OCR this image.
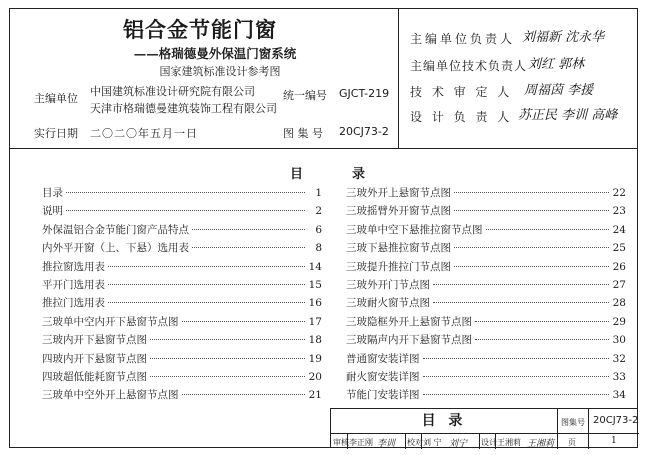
铝合金节能门窗
——格瑞德曼外保温门窗系统
国家建筑标准设计参考图
主编单位
中国建筑标准设计研究院有限公司
天津市格瑞德曼建筑装饰工程有限公司
统一编号 GJCT-219
实行日期 二〇二〇年五月一日	图 集 号 20CJ73-2
主编单位负责人 刘福新 沈永华
主编单位技术负责人 刘红 郭林
技 术 审 定 人 周福茵 李援
设 计 负 责 人 苏正民 李训 高峰
目	录
目录	1
说明	2
外保温铝合金节能门窗产品特点	6
内外平开窗（上、下悬）选用表	8
推拉窗选用表	14
平开门选用表	15
推拉门选用表	16
三玻单中空内开下悬窗节点图	17
三玻内开下悬窗节点图	18
四玻内开下悬窗节点图	19
四玻超低能耗窗节点图	20
三玻单中空外开上悬窗节点图	21
三玻外开上悬窗节点图	22
三玻摇臂外开窗节点图	23
三玻单中空下悬推拉窗节点图	24
三玻下悬推拉窗节点图	25
三玻提升推拉门节点图	26
三玻外开门节点图	27
三玻耐火窗节点图	28
三玻隐框外开上悬窗节点图	29
三玻隔声内开下悬窗节点图	30
普通窗安装详图	32
耐火窗安装详图	33
节能门安装详图	34
目 录	图集号 20CJ73-2
审核 李正刚 李训 校对 刘 宁 刘宁 设计 王湘莉 王湘莉 页	1
